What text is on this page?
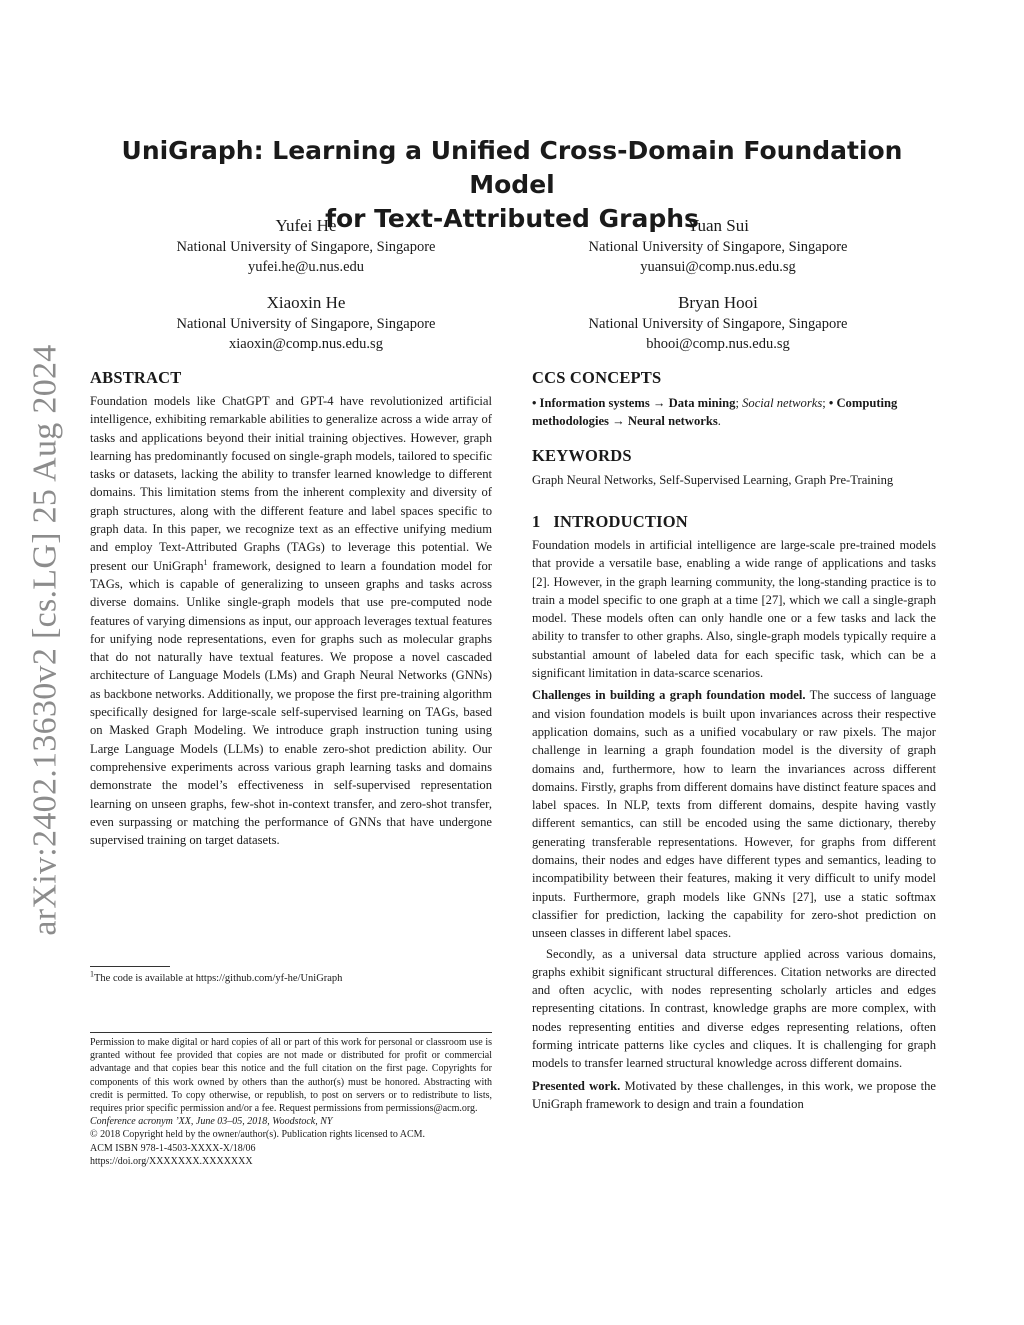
arXiv:2402.13630v2 [cs.LG] 25 Aug 2024
UniGraph: Learning a Unified Cross-Domain Foundation Model
for Text-Attributed Graphs
Yufei He
National University of Singapore, Singapore
yufei.he@u.nus.edu
Yuan Sui
National University of Singapore, Singapore
yuansui@comp.nus.edu.sg
Xiaoxin He
National University of Singapore, Singapore
xiaoxin@comp.nus.edu.sg
Bryan Hooi
National University of Singapore, Singapore
bhooi@comp.nus.edu.sg
ABSTRACT

Foundation models like ChatGPT and GPT-4 have revolutionized artificial intelligence, exhibiting remarkable abilities to generalize across a wide array of tasks and applications beyond their initial training objectives. However, graph learning has predominantly focused on single-graph models, tailored to specific tasks or datasets, lacking the ability to transfer learned knowledge to different domains. This limitation stems from the inherent complexity and diversity of graph structures, along with the different feature and label spaces specific to graph data. In this paper, we recognize text as an effective unifying medium and employ Text-Attributed Graphs (TAGs) to leverage this potential. We present our UniGraph$^1$ framework, designed to learn a foundation model for TAGs, which is capable of generalizing to unseen graphs and tasks across diverse domains. Unlike single-graph models that use pre-computed node features of varying dimensions as input, our approach leverages textual features for unifying node representations, even for graphs such as molecular graphs that do not naturally have textual features. We propose a novel cascaded architecture of Language Models (LMs) and Graph Neural Networks (GNNs) as backbone networks. Additionally, we propose the first pre-training algorithm specifically designed for large-scale self-supervised learning on TAGs, based on Masked Graph Modeling. We introduce graph instruction tuning using Large Language Models (LLMs) to enable zero-shot prediction ability. Our comprehensive experiments across various graph learning tasks and domains demonstrate the model’s effectiveness in self-supervised representation learning on unseen graphs, few-shot in-context transfer, and zero-shot transfer, even surpassing or matching the performance of GNNs that have undergone supervised training on target datasets.

$^1$The code is available at https://github.com/yf-he/UniGraph
Permission to make digital or hard copies of all or part of this work for personal or classroom use is granted without fee provided that copies are not made or distributed for profit or commercial advantage and that copies bear this notice and the full citation on the first page. Copyrights for components of this work owned by others than the author(s) must be honored. Abstracting with credit is permitted. To copy otherwise, or republish, to post on servers or to redistribute to lists, requires prior specific permission and/or a fee. Request permissions from permissions@acm.org.
Conference acronym ’XX, June 03–05, 2018, Woodstock, NY
© 2018 Copyright held by the owner/author(s). Publication rights licensed to ACM.
ACM ISBN 978-1-4503-XXXX-X/18/06
https://doi.org/XXXXXXX.XXXXXXX
CCS CONCEPTS

• Information systems → Data mining; Social networks; • Computing methodologies → Neural networks.

KEYWORDS

Graph Neural Networks, Self-Supervised Learning, Graph Pre-Training

1   INTRODUCTION

Foundation models in artificial intelligence are large-scale pre-trained models that provide a versatile base, enabling a wide range of applications and tasks [2]. However, in the graph learning community, the long-standing practice is to train a model specific to one graph at a time [27], which we call a single-graph model. These models often can only handle one or a few tasks and lack the ability to transfer to other graphs. Also, single-graph models typically require a substantial amount of labeled data for each specific task, which can be a significant limitation in data-scarce scenarios.

Challenges in building a graph foundation model. The success of language and vision foundation models is built upon invariances across their respective application domains, such as a unified vocabulary or raw pixels. The major challenge in learning a graph foundation model is the diversity of graph domains and, furthermore, how to learn the invariances across different domains. Firstly, graphs from different domains have distinct feature spaces and label spaces. In NLP, texts from different domains, despite having vastly different semantics, can still be encoded using the same dictionary, thereby generating transferable representations. However, for graphs from different domains, their nodes and edges have different types and semantics, leading to incompatibility between their features, making it very difficult to unify model inputs. Furthermore, graph models like GNNs [27], use a static softmax classifier for prediction, lacking the capability for zero-shot prediction on unseen classes in different label spaces.

Secondly, as a universal data structure applied across various domains, graphs exhibit significant structural differences. Citation networks are directed and often acyclic, with nodes representing scholarly articles and edges representing citations. In contrast, knowledge graphs are more complex, with nodes representing entities and diverse edges representing relations, often forming intricate patterns like cycles and cliques. It is challenging for graph models to transfer learned structural knowledge across different domains.

Presented work. Motivated by these challenges, in this work, we propose the UniGraph framework to design and train a foundation
